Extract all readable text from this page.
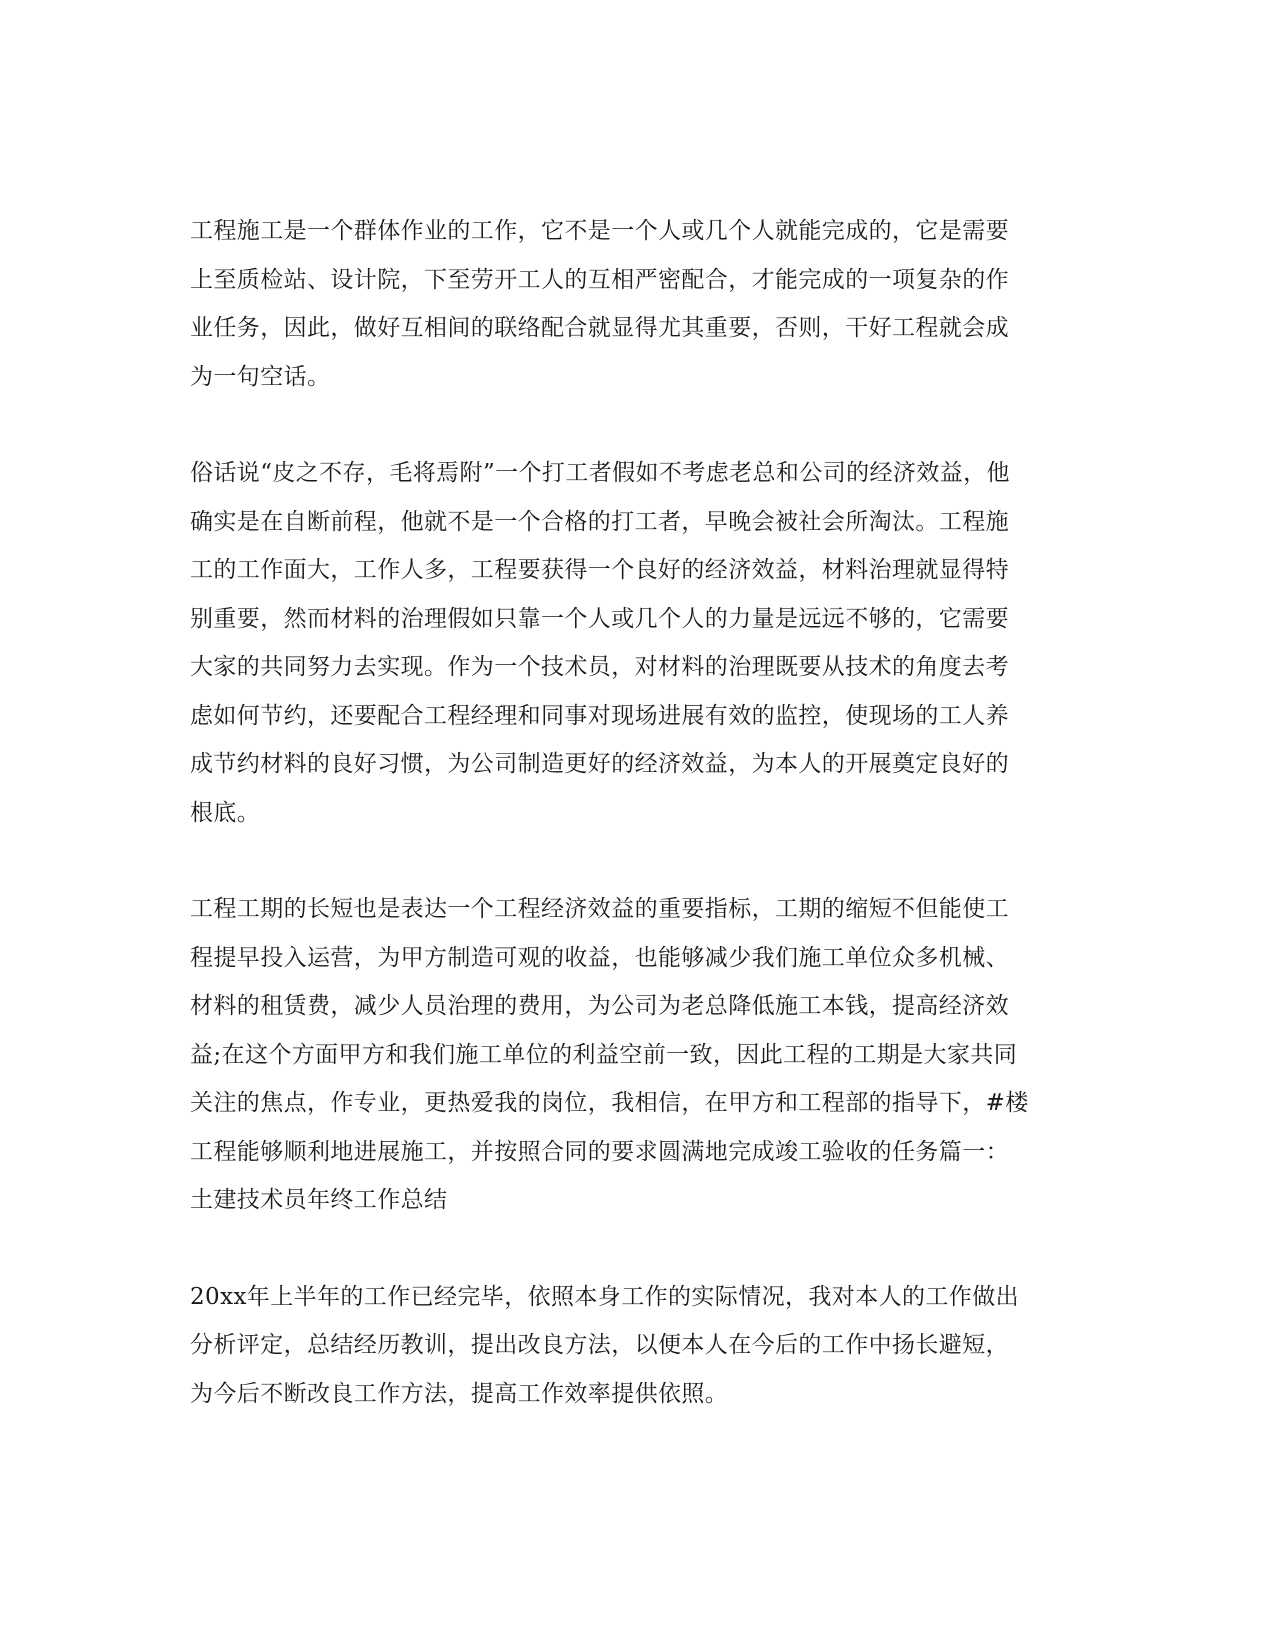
工程施工是一个群体作业的工作，它不是一个人或几个人就能完成的，它是需要
上至质检站、设计院，下至劳开工人的互相严密配合，才能完成的一项复杂的作
业任务，因此，做好互相间的联络配合就显得尤其重要，否则，干好工程就会成
为一句空话。

俗话说“皮之不存，毛将焉附”一个打工者假如不考虑老总和公司的经济效益，他
确实是在自断前程，他就不是一个合格的打工者，早晚会被社会所淘汰。工程施
工的工作面大，工作人多，工程要获得一个良好的经济效益，材料治理就显得特
别重要，然而材料的治理假如只靠一个人或几个人的力量是远远不够的，它需要
大家的共同努力去实现。作为一个技术员，对材料的治理既要从技术的角度去考
虑如何节约，还要配合工程经理和同事对现场进展有效的监控，使现场的工人养
成节约材料的良好习惯，为公司制造更好的经济效益，为本人的开展奠定良好的
根底。

工程工期的长短也是表达一个工程经济效益的重要指标，工期的缩短不但能使工
程提早投入运营，为甲方制造可观的收益，也能够减少我们施工单位众多机械、
材料的租赁费，减少人员治理的费用，为公司为老总降低施工本钱，提高经济效
益;在这个方面甲方和我们施工单位的利益空前一致，因此工程的工期是大家共同
关注的焦点，作专业，更热爱我的岗位，我相信，在甲方和工程部的指导下，#楼
工程能够顺利地进展施工，并按照合同的要求圆满地完成竣工验收的任务篇一：
土建技术员年终工作总结

20xx年上半年的工作已经完毕，依照本身工作的实际情况，我对本人的工作做出
分析评定，总结经历教训，提出改良方法，以便本人在今后的工作中扬长避短，
为今后不断改良工作方法，提高工作效率提供依照。
